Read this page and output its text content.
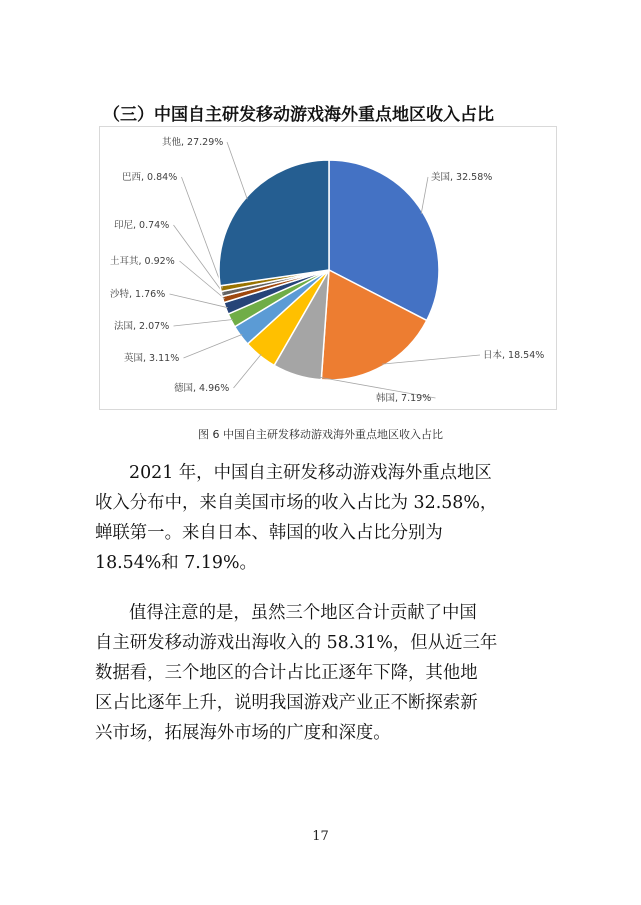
（三）中国自主研发移动游戏海外重点地区收入占比
美国, 32.58%
日本, 18.54%
韩国, 7.19%
德国, 4.96%
英国, 3.11%
法国, 2.07%
沙特, 1.76%
土耳其, 0.92%
印尼, 0.74%
巴西, 0.84%
其他, 27.29%
图 6 中国自主研发移动游戏海外重点地区收入占比

2021 年，中国自主研发移动游戏海外重点地区
收入分布中，来自美国市场的收入占比为 32.58%，
蝉联第一。来自日本、韩国的收入占比分别为
18.54%和 7.19%。

值得注意的是，虽然三个地区合计贡献了中国
自主研发移动游戏出海收入的 58.31%，但从近三年
数据看，三个地区的合计占比正逐年下降，其他地
区占比逐年上升，说明我国游戏产业正不断探索新
兴市场，拓展海外市场的广度和深度。

17
